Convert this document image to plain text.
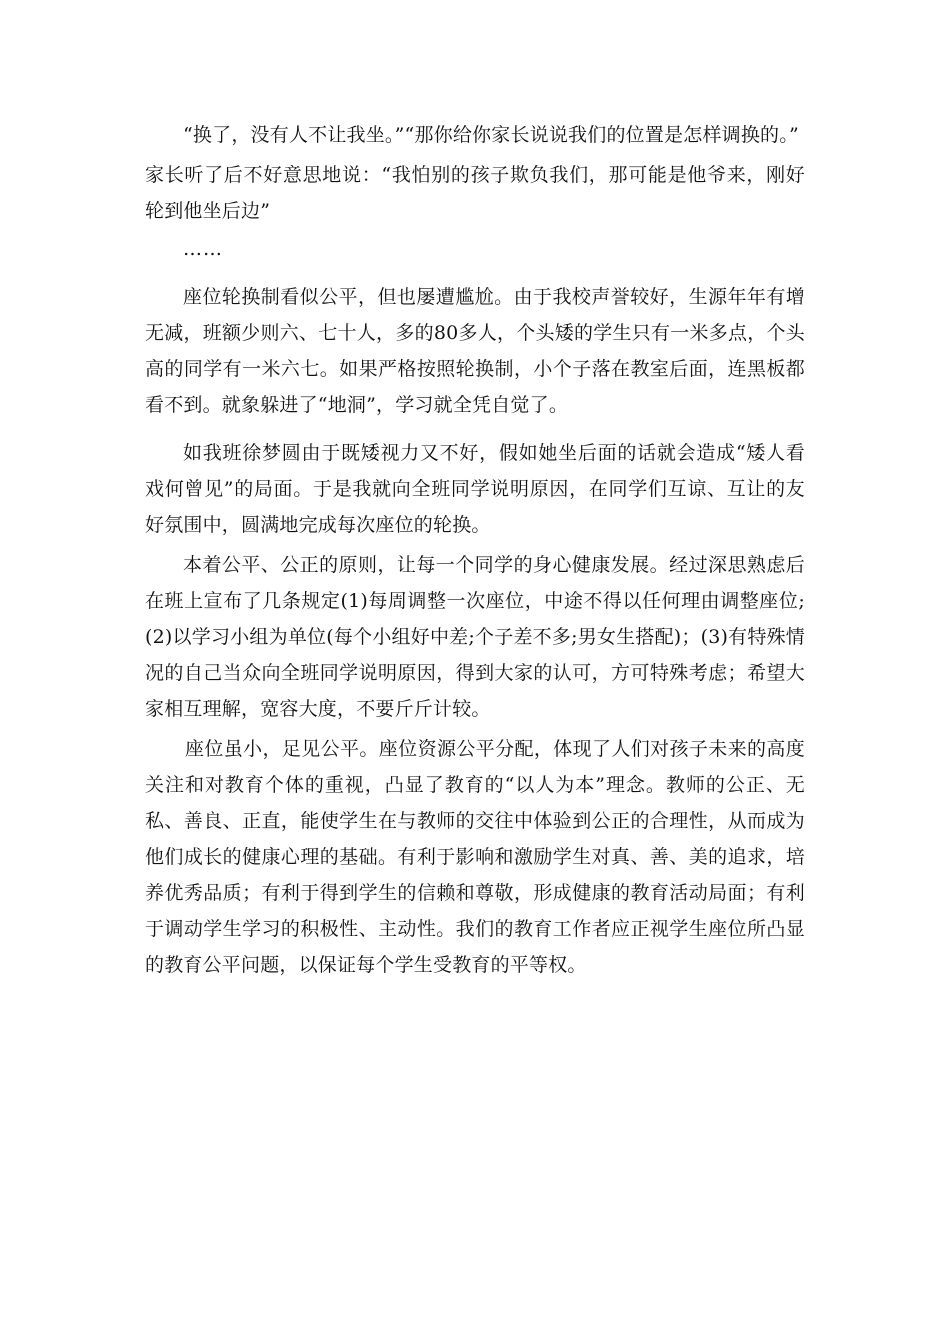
“换了，没有人不让我坐。”“那你给你家长说说我们的位置是怎样调换的。”

家长听了后不好意思地说：“我怕别的孩子欺负我们，那可能是他爷来，刚好轮到他坐后边”

……

座位轮换制看似公平，但也屡遭尴尬。由于我校声誉较好，生源年年有增无减，班额少则六、七十人，多的80多人，个头矮的学生只有一米多点，个头高的同学有一米六七。如果严格按照轮换制，小个子落在教室后面，连黑板都看不到。就象躲进了“地洞”，学习就全凭自觉了。

如我班徐梦圆由于既矮视力又不好，假如她坐后面的话就会造成“矮人看戏何曾见”的局面。于是我就向全班同学说明原因，在同学们互谅、互让的友好氛围中，圆满地完成每次座位的轮换。

本着公平、公正的原则，让每一个同学的身心健康发展。经过深思熟虑后在班上宣布了几条规定(1)每周调整一次座位，中途不得以任何理由调整座位;(2)以学习小组为单位(每个小组好中差;个子差不多;男女生搭配)；(3)有特殊情况的自己当众向全班同学说明原因，得到大家的认可，方可特殊考虑；希望大家相互理解，宽容大度，不要斤斤计较。

座位虽小，足见公平。座位资源公平分配，体现了人们对孩子未来的高度关注和对教育个体的重视，凸显了教育的“以人为本”理念。教师的公正、无私、善良、正直，能使学生在与教师的交往中体验到公正的合理性，从而成为他们成长的健康心理的基础。有利于影响和激励学生对真、善、美的追求，培养优秀品质；有利于得到学生的信赖和尊敬，形成健康的教育活动局面；有利于调动学生学习的积极性、主动性。我们的教育工作者应正视学生座位所凸显的教育公平问题，以保证每个学生受教育的平等权。
